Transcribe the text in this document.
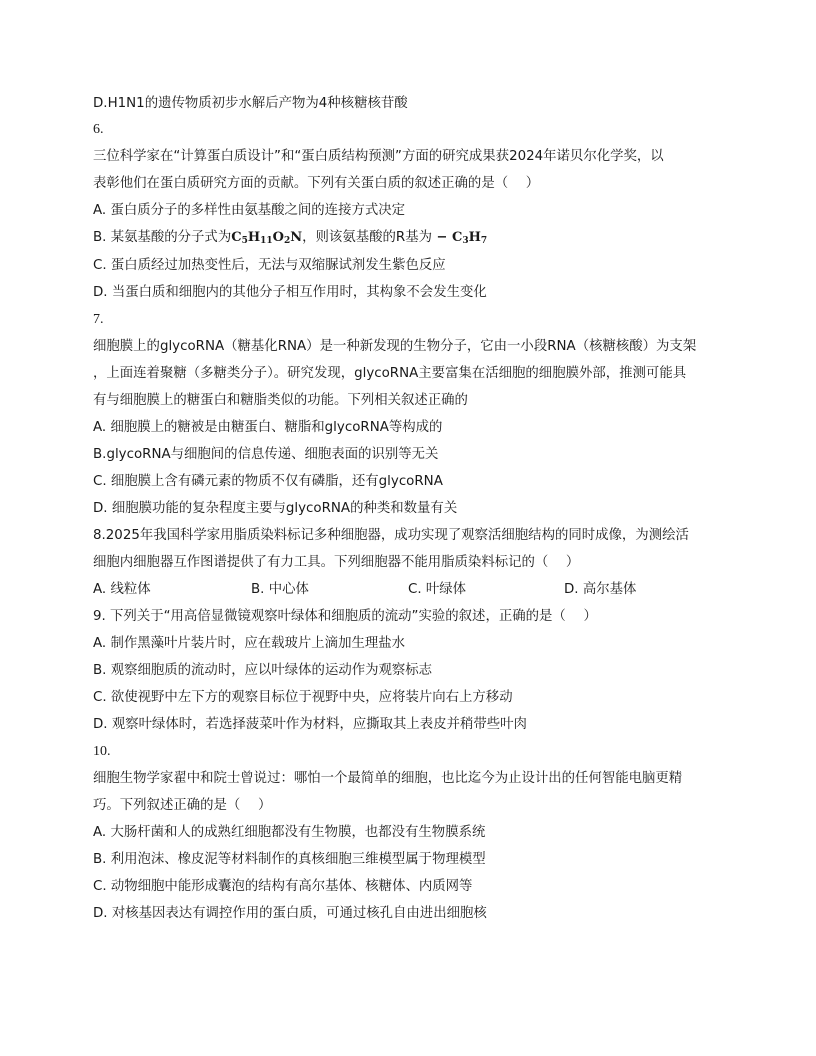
D.H1N1的遗传物质初步水解后产物为4种核糖核苷酸
6.
三位科学家在“计算蛋白质设计”和“蛋白质结构预测”方面的研究成果获2024年诺贝尔化学奖，以
表彰他们在蛋白质研究方面的贡献。下列有关蛋白质的叙述正确的是（　 ）
A. 蛋白质分子的多样性由氨基酸之间的连接方式决定
B. 某氨基酸的分子式为$C_5H_{11}O_2N$，则该氨基酸的R基为 − $C_3H_7$
C. 蛋白质经过加热变性后，无法与双缩脲试剂发生紫色反应
D. 当蛋白质和细胞内的其他分子相互作用时，其构象不会发生变化
7.
细胞膜上的glycoRNA（糖基化RNA）是一种新发现的生物分子，它由一小段RNA（核糖核酸）为支架
，上面连着聚糖（多糖类分子）。研究发现，glycoRNA主要富集在活细胞的细胞膜外部，推测可能具
有与细胞膜上的糖蛋白和糖脂类似的功能。下列相关叙述正确的
A. 细胞膜上的糖被是由糖蛋白、糖脂和glycoRNA等构成的
B.glycoRNA与细胞间的信息传递、细胞表面的识别等无关
C. 细胞膜上含有磷元素的物质不仅有磷脂，还有glycoRNA
D. 细胞膜功能的复杂程度主要与glycoRNA的种类和数量有关
8.2025年我国科学家用脂质染料标记多种细胞器，成功实现了观察活细胞结构的同时成像，为测绘活
细胞内细胞器互作图谱提供了有力工具。下列细胞器不能用脂质染料标记的（　 ）
A. 线粒体	B. 中心体	C. 叶绿体	D. 高尔基体
9. 下列关于“用高倍显微镜观察叶绿体和细胞质的流动”实验的叙述，正确的是（　 ）
A. 制作黑藻叶片装片时，应在载玻片上滴加生理盐水
B. 观察细胞质的流动时，应以叶绿体的运动作为观察标志
C. 欲使视野中左下方的观察目标位于视野中央，应将装片向右上方移动
D. 观察叶绿体时，若选择菠菜叶作为材料，应撕取其上表皮并稍带些叶肉
10.
细胞生物学家翟中和院士曾说过：哪怕一个最简单的细胞，也比迄今为止设计出的任何智能电脑更精
巧。下列叙述正确的是（　 ）
A. 大肠杆菌和人的成熟红细胞都没有生物膜，也都没有生物膜系统
B. 利用泡沫、橡皮泥等材料制作的真核细胞三维模型属于物理模型
C. 动物细胞中能形成囊泡的结构有高尔基体、核糖体、内质网等
D. 对核基因表达有调控作用的蛋白质，可通过核孔自由进出细胞核
